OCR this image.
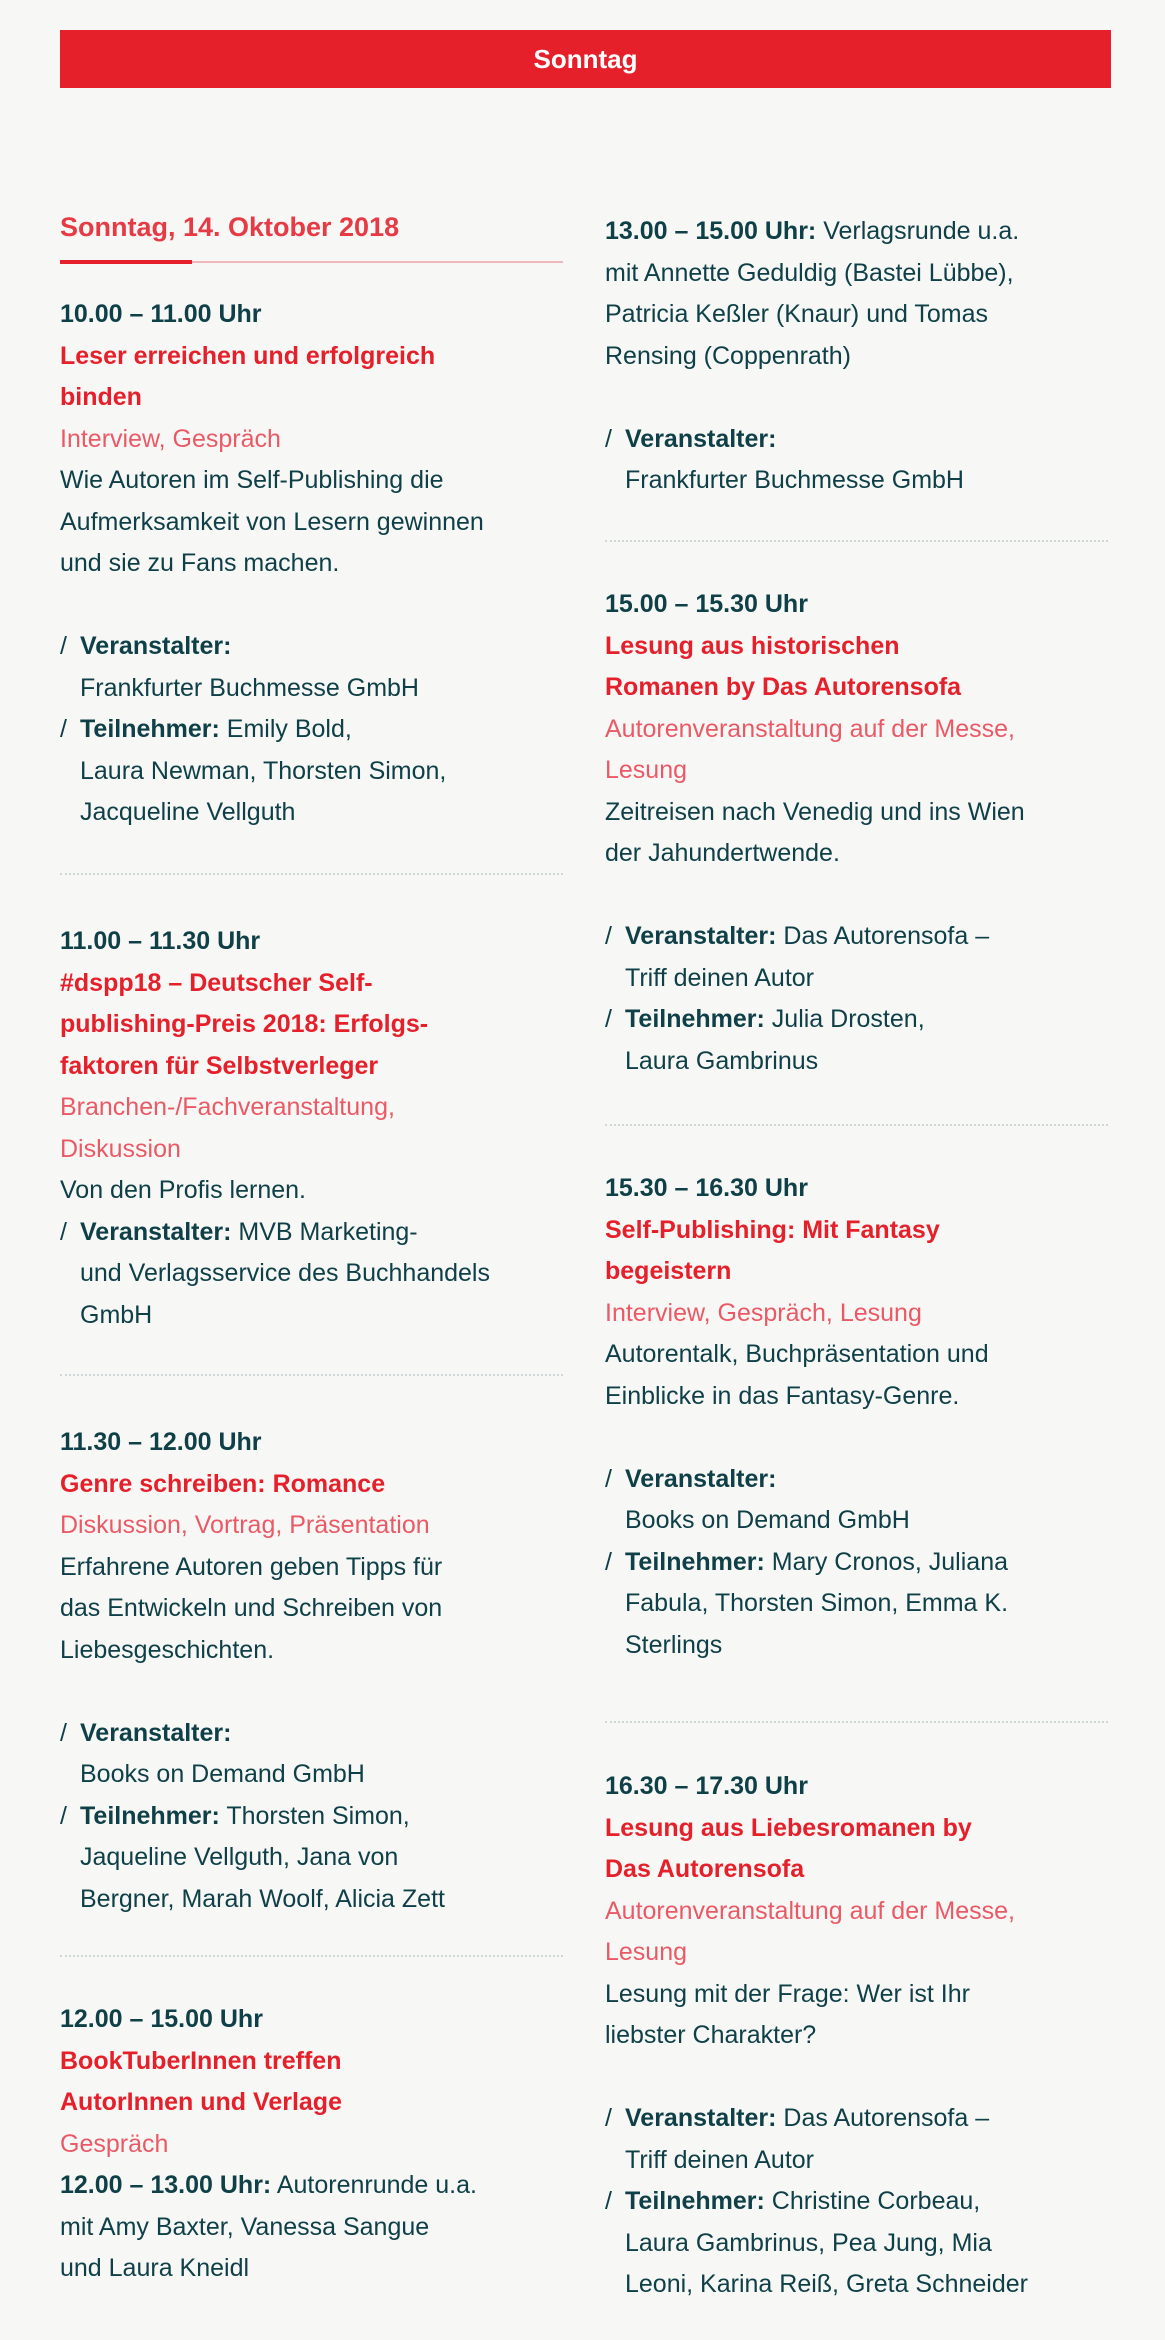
Sonntag
Sonntag, 14. Oktober 2018
10.00 – 11.00 Uhr
Leser erreichen und erfolgreich
binden
Interview, Gespräch
Wie Autoren im Self-Publishing die
Aufmerksamkeit von Lesern gewinnen
und sie zu Fans machen.
/ Veranstalter:
Frankfurter Buchmesse GmbH
/ Teilnehmer: Emily Bold,
Laura Newman, Thorsten Simon,
Jacqueline Vellguth
11.00 – 11.30 Uhr
#dspp18 – Deutscher Self-
publishing-Preis 2018: Erfolgs-
faktoren für Selbstverleger
Branchen-/Fachveranstaltung,
Diskussion
Von den Profis lernen.
/ Veranstalter: MVB Marketing-
und Verlagsservice des Buchhandels
GmbH
11.30 – 12.00 Uhr
Genre schreiben: Romance
Diskussion, Vortrag, Präsentation
Erfahrene Autoren geben Tipps für
das Entwickeln und Schreiben von
Liebesgeschichten.
/ Veranstalter:
Books on Demand GmbH
/ Teilnehmer: Thorsten Simon,
Jaqueline Vellguth, Jana von
Bergner, Marah Woolf, Alicia Zett
12.00 – 15.00 Uhr
BookTuberInnen treffen
AutorInnen und Verlage
Gespräch
12.00 – 13.00 Uhr: Autorenrunde u.a.
mit Amy Baxter, Vanessa Sangue
und Laura Kneidl
13.00 – 15.00 Uhr: Verlagsrunde u.a.
mit Annette Geduldig (Bastei Lübbe),
Patricia Keßler (Knaur) und Tomas
Rensing (Coppenrath)
/ Veranstalter:
Frankfurter Buchmesse GmbH
15.00 – 15.30 Uhr
Lesung aus historischen
Romanen by Das Autorensofa
Autorenveranstaltung auf der Messe,
Lesung
Zeitreisen nach Venedig und ins Wien
der Jahundertwende.
/ Veranstalter: Das Autorensofa –
Triff deinen Autor
/ Teilnehmer: Julia Drosten,
Laura Gambrinus
15.30 – 16.30 Uhr
Self-Publishing: Mit Fantasy
begeistern
Interview, Gespräch, Lesung
Autorentalk, Buchpräsentation und
Einblicke in das Fantasy-Genre.
/ Veranstalter:
Books on Demand GmbH
/ Teilnehmer: Mary Cronos, Juliana
Fabula, Thorsten Simon, Emma K.
Sterlings
16.30 – 17.30 Uhr
Lesung aus Liebesromanen by
Das Autorensofa
Autorenveranstaltung auf der Messe,
Lesung
Lesung mit der Frage: Wer ist Ihr
liebster Charakter?
/ Veranstalter: Das Autorensofa –
Triff deinen Autor
/ Teilnehmer: Christine Corbeau,
Laura Gambrinus, Pea Jung, Mia
Leoni, Karina Reiß, Greta Schneider
